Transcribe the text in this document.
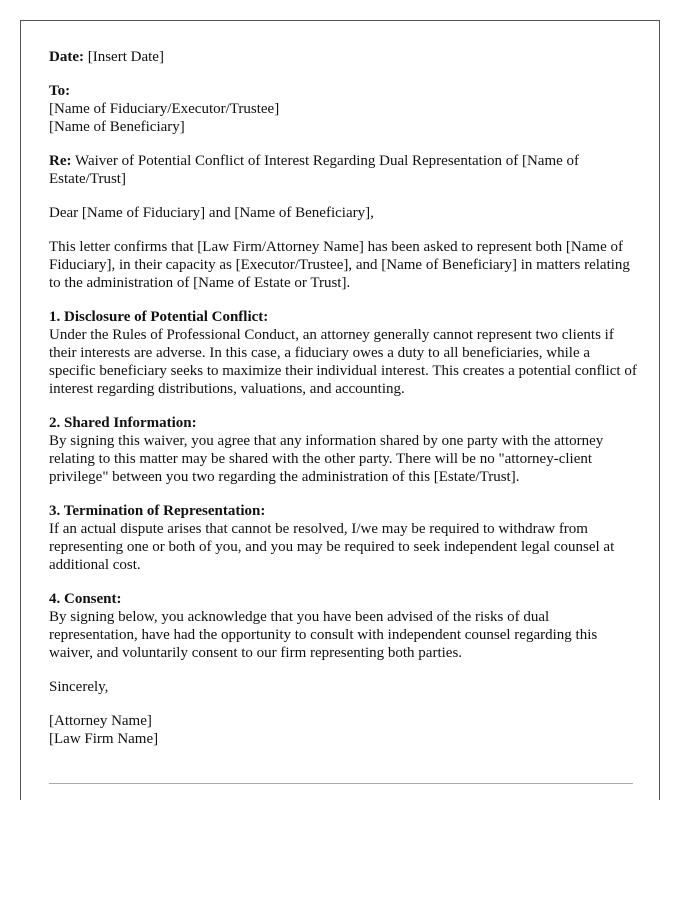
Date: [Insert Date]

To:
[Name of Fiduciary/Executor/Trustee]
[Name of Beneficiary]

Re: Waiver of Potential Conflict of Interest Regarding Dual Representation of [Name of Estate/Trust]

Dear [Name of Fiduciary] and [Name of Beneficiary],

This letter confirms that [Law Firm/Attorney Name] has been asked to represent both [Name of Fiduciary], in their capacity as [Executor/Trustee], and [Name of Beneficiary] in matters relating to the administration of [Name of Estate or Trust].

1. Disclosure of Potential Conflict:
Under the Rules of Professional Conduct, an attorney generally cannot represent two clients if their interests are adverse. In this case, a fiduciary owes a duty to all beneficiaries, while a specific beneficiary seeks to maximize their individual interest. This creates a potential conflict of interest regarding distributions, valuations, and accounting.

2. Shared Information:
By signing this waiver, you agree that any information shared by one party with the attorney relating to this matter may be shared with the other party. There will be no "attorney-client privilege" between you two regarding the administration of this [Estate/Trust].

3. Termination of Representation:
If an actual dispute arises that cannot be resolved, I/we may be required to withdraw from representing one or both of you, and you may be required to seek independent legal counsel at additional cost.

4. Consent:
By signing below, you acknowledge that you have been advised of the risks of dual representation, have had the opportunity to consult with independent counsel regarding this waiver, and voluntarily consent to our firm representing both parties.

Sincerely,

[Attorney Name]
[Law Firm Name]
